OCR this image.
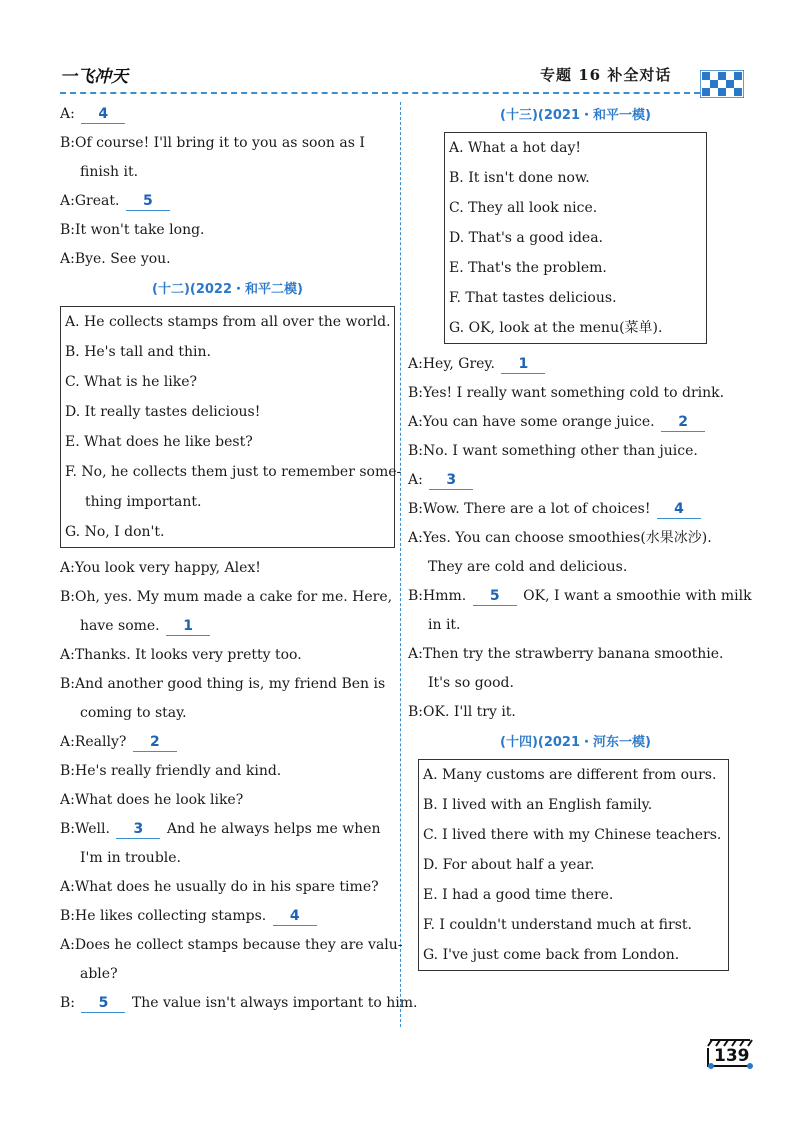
一飞冲天	专题 16 补全对话
A: 4
B:Of course! I'll bring it to you as soon as I
finish it.
A:Great. 5
B:It won't take long.
A:Bye. See you.
(十二)(2022・和平二模)
A. He collects stamps from all over the world.
B. He's tall and thin.
C. What is he like?
D. It really tastes delicious!
E. What does he like best?
F. No, he collects them just to remember some-
thing important.
G. No, I don't.
A:You look very happy, Alex!
B:Oh, yes. My mum made a cake for me. Here,
have some. 1
A:Thanks. It looks very pretty too.
B:And another good thing is, my friend Ben is
coming to stay.
A:Really? 2
B:He's really friendly and kind.
A:What does he look like?
B:Well. 3 And he always helps me when
I'm in trouble.
A:What does he usually do in his spare time?
B:He likes collecting stamps. 4
A:Does he collect stamps because they are valu-
able?
B: 5 The value isn't always important to him.
(十三)(2021・和平一模)
A. What a hot day!
B. It isn't done now.
C. They all look nice.
D. That's a good idea.
E. That's the problem.
F. That tastes delicious.
G. OK, look at the menu(菜单).
A:Hey, Grey. 1
B:Yes! I really want something cold to drink.
A:You can have some orange juice. 2
B:No. I want something other than juice.
A: 3
B:Wow. There are a lot of choices! 4
A:Yes. You can choose smoothies(水果冰沙).
They are cold and delicious.
B:Hmm. 5 OK, I want a smoothie with milk
in it.
A:Then try the strawberry banana smoothie.
It's so good.
B:OK. I'll try it.
(十四)(2021・河东一模)
A. Many customs are different from ours.
B. I lived with an English family.
C. I lived there with my Chinese teachers.
D. For about half a year.
E. I had a good time there.
F. I couldn't understand much at first.
G. I've just come back from London.
139
